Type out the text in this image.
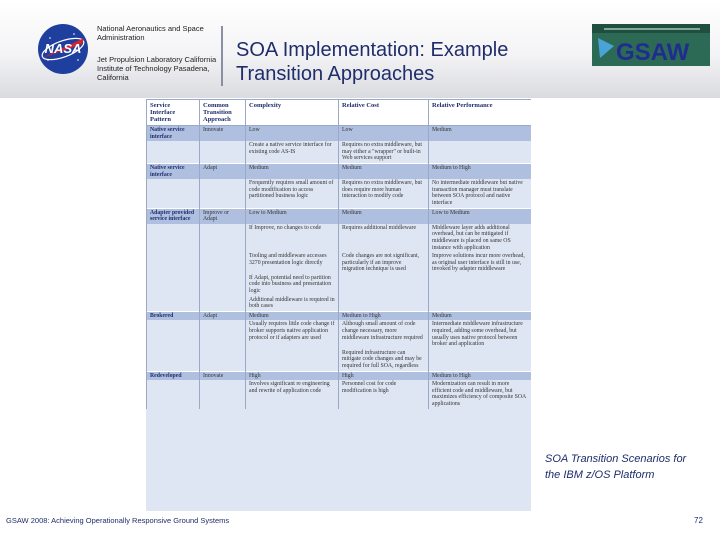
NASA
National Aeronautics and Space Administration
Jet Propulsion Laboratory California Institute of Technology Pasadena, California
SOA Implementation: Example Transition Approaches
GSAW
Service Interface Pattern	Common Transition Approach	Complexity	Relative Cost	Relative Performance
Native service interface	Innovate	Low	Low	Medium
		Create a native service interface for existing code AS-IS	Requires no extra middleware, but may either a "wrapper" or built-in Web services support	
Native service interface	Adapt	Medium	Medium	Medium to High
		Frequently requires small amount of code modification to access partitioned business logic	Requires no extra middleware, but does require more human interaction to modify code	No intermediate middleware but native transaction manager must translate between SOA protocol and native interface
Adapter provided service interface	Improve or Adapt	Low to Medium	Medium	Low to Medium
		If Improve, no changes to code	Requires additional middleware	Middleware layer adds additional overhead, but can be mitigated if middleware is placed on same OS instance with application
		Tooling and middleware accesses 3270 presentation logic directly	Code changes are not significant, particularly if an improve migration technique is used	Improve solutions incur more overhead, as original user interface is still in use, invoked by adapter middleware
		If Adapt, potential need to partition code into business and presentation logic		
		Additional middleware is required in both cases		
Brokered	Adapt	Medium	Medium to High	Medium
		Usually requires little code change if broker supports native application protocol or if adapters are used	Although small amount of code change necessary, more middleware infrastructure required	Intermediate middleware infrastructure required, adding some overhead, but usually uses native protocol between broker and application
			Required infrastructure can mitigate code changes and may be required for full SOA, regardless	
Redeveloped	Innovate	High	High	Medium to High
		Involves significant re engineering and rewrite of application code	Personnel cost for code modification is high	Modernization can result in more efficient code and middleware, but maximizes efficiency of composite SOA applications
SOA Transition Scenarios for the IBM z/OS Platform
GSAW 2008: Achieving Operationally Responsive Ground Systems	72
